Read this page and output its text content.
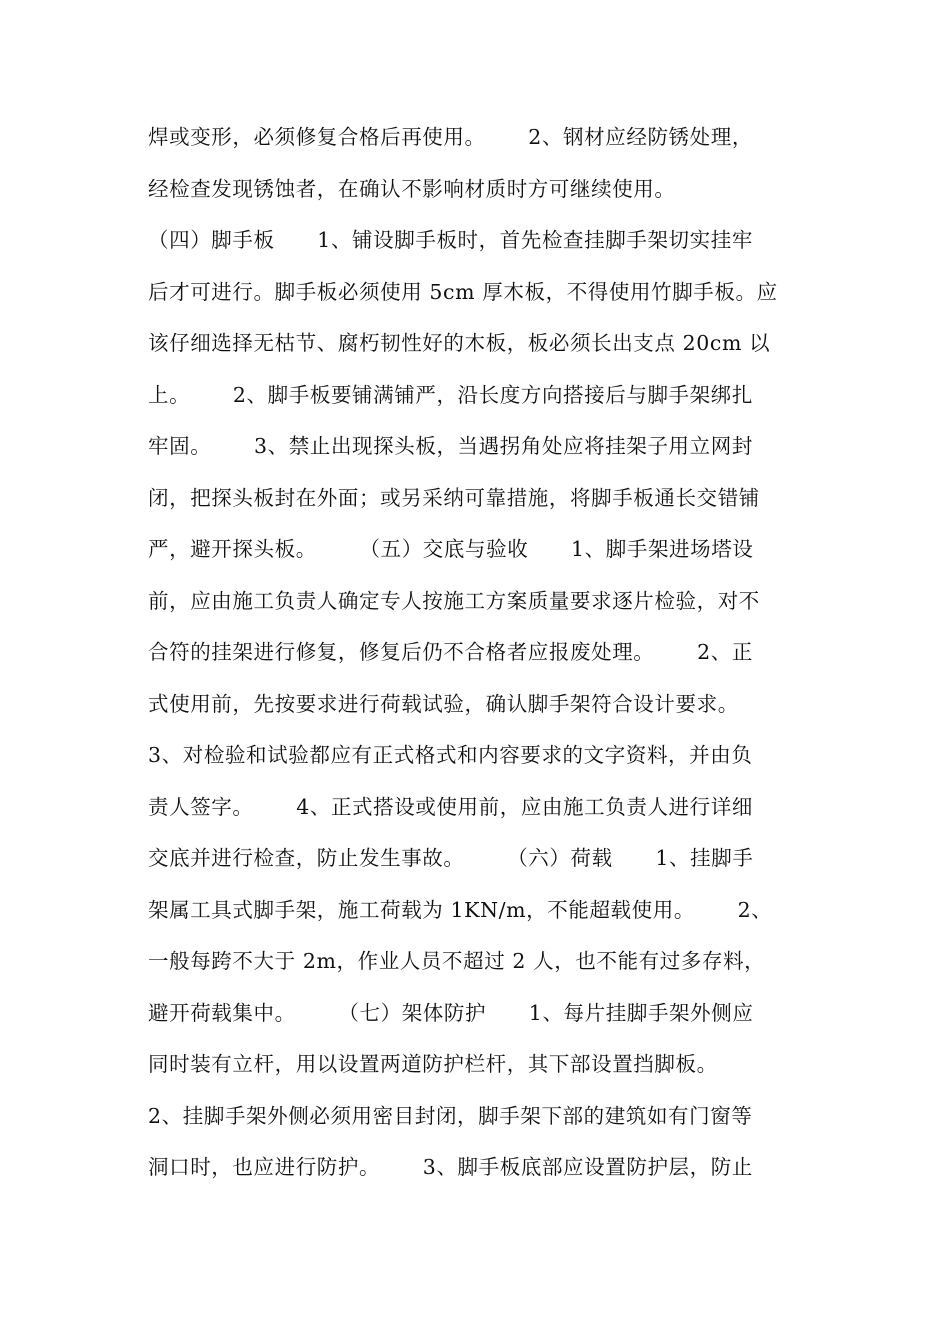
焊或变形，必须修复合格后再使用。      2、钢材应经防锈处理，
经检查发现锈蚀者，在确认不影响材质时方可继续使用。
（四）脚手板      1、铺设脚手板时，首先检查挂脚手架切实挂牢
后才可进行。脚手板必须使用 5cm 厚木板，不得使用竹脚手板。应
该仔细选择无枯节、腐朽韧性好的木板，板必须长出支点 20cm 以
上。      2、脚手板要铺满铺严，沿长度方向搭接后与脚手架绑扎
牢固。      3、禁止出现探头板，当遇拐角处应将挂架子用立网封
闭，把探头板封在外面；或另采纳可靠措施，将脚手板通长交错铺
严，避开探头板。      （五）交底与验收      1、脚手架进场塔设
前，应由施工负责人确定专人按施工方案质量要求逐片检验，对不
合符的挂架进行修复，修复后仍不合格者应报废处理。      2、正
式使用前，先按要求进行荷载试验，确认脚手架符合设计要求。
3、对检验和试验都应有正式格式和内容要求的文字资料，并由负
责人签字。      4、正式搭设或使用前，应由施工负责人进行详细
交底并进行检查，防止发生事故。      （六）荷载      1、挂脚手
架属工具式脚手架，施工荷载为 1KN/m，不能超载使用。      2、
一般每跨不大于 2m，作业人员不超过 2 人，也不能有过多存料，
避开荷载集中。      （七）架体防护      1、每片挂脚手架外侧应
同时装有立杆，用以设置两道防护栏杆，其下部设置挡脚板。
2、挂脚手架外侧必须用密目封闭，脚手架下部的建筑如有门窗等
洞口时，也应进行防护。      3、脚手板底部应设置防护层，防止
